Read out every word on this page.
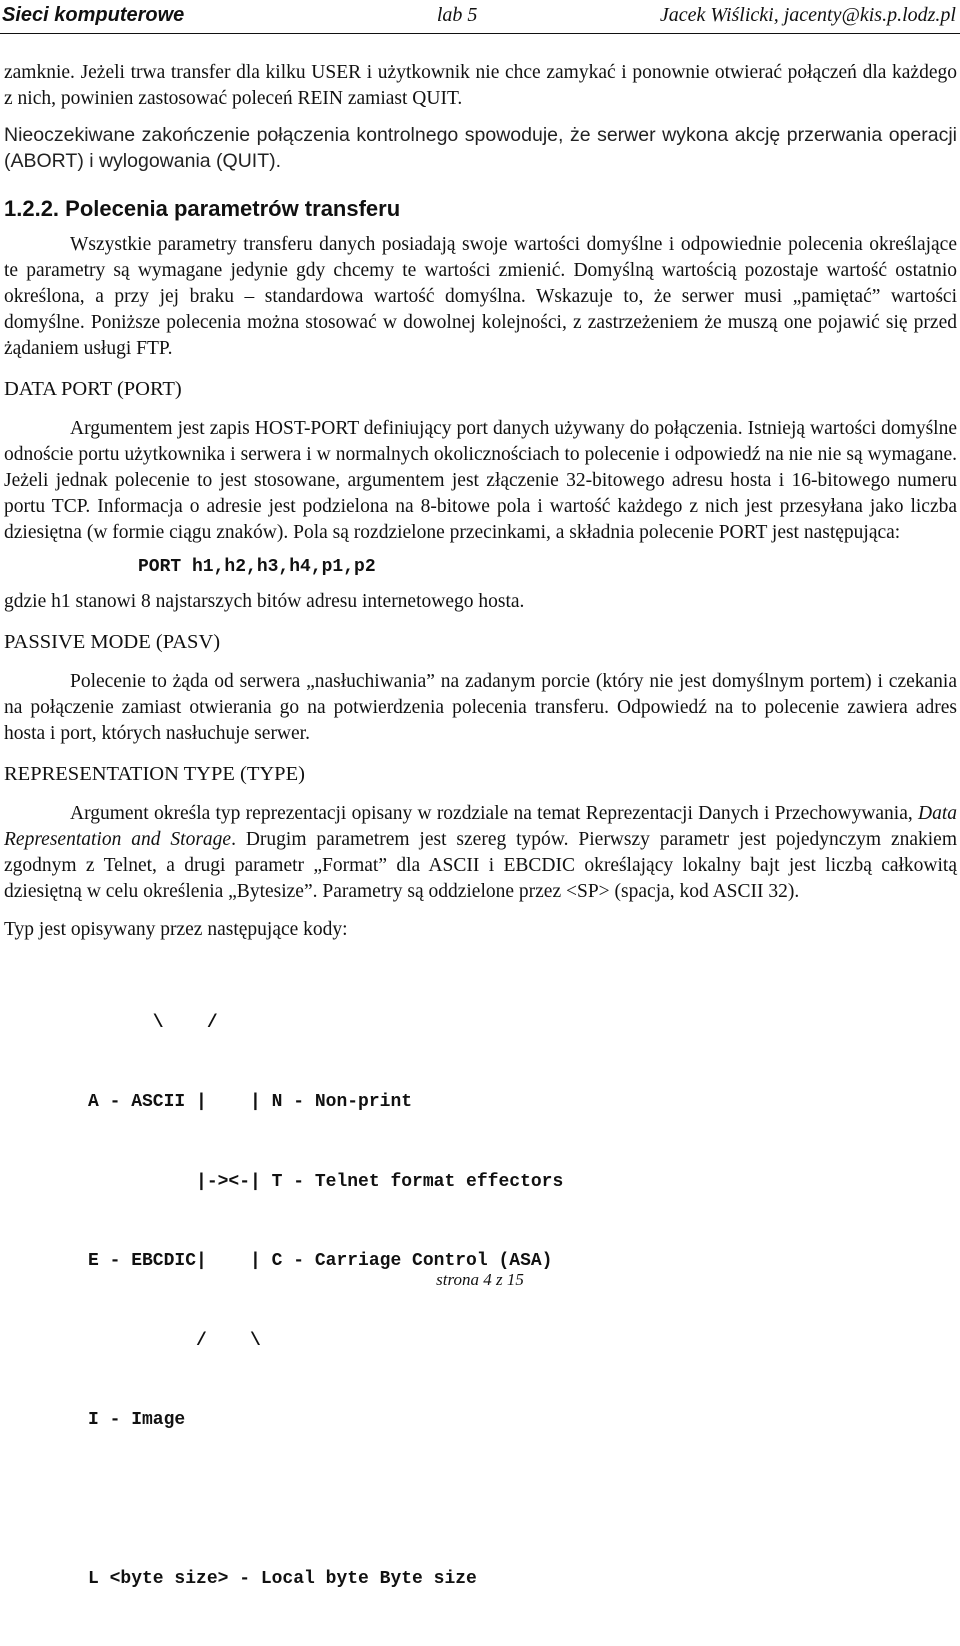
Sieci komputerowe	lab 5	Jacek Wiślicki, jacenty@kis.p.lodz.pl

zamknie. Jeżeli trwa transfer dla kilku USER i użytkownik nie chce zamykać i ponownie otwierać połączeń dla każdego z nich, powinien zastosować poleceń REIN zamiast QUIT.

Nieoczekiwane zakończenie połączenia kontrolnego spowoduje, że serwer wykona akcję przerwania operacji (ABORT) i wylogowania (QUIT).

1.2.2. Polecenia parametrów transferu

Wszystkie parametry transferu danych posiadają swoje wartości domyślne i odpowiednie polecenia określające te parametry są wymagane jedynie gdy chcemy te wartości zmienić. Domyślną wartością pozostaje wartość ostatnio określona, a przy jej braku – standardowa wartość domyślna. Wskazuje to, że serwer musi „pamiętać” wartości domyślne. Poniższe polecenia można stosować w dowolnej kolejności, z zastrzeżeniem że muszą one pojawić się przed żądaniem usługi FTP.

DATA PORT (PORT)

Argumentem jest zapis HOST-PORT definiujący port danych używany do połączenia. Istnieją wartości domyślne odnoście portu użytkownika i serwera i w normalnych okolicznościach to polecenie i odpowiedź na nie nie są wymagane. Jeżeli jednak polecenie to jest stosowane, argumentem jest złączenie 32-bitowego adresu hosta i 16-bitowego numeru portu TCP. Informacja o adresie jest podzielona na 8-bitowe pola i wartość każdego z nich jest przesyłana jako liczba dziesiętna (w formie ciągu znaków). Pola są rozdzielone przecinkami, a składnia polecenie PORT jest następująca:

PORT h1,h2,h3,h4,p1,p2

gdzie h1 stanowi 8 najstarszych bitów adresu internetowego hosta.

PASSIVE MODE (PASV)

Polecenie to żąda od serwera „nasłuchiwania” na zadanym porcie (który nie jest domyślnym portem) i czekania na połączenie zamiast otwierania go na potwierdzenia polecenia transferu. Odpowiedź na to polecenie zawiera adres hosta i port, których nasłuchuje serwer.

REPRESENTATION TYPE (TYPE)

Argument określa typ reprezentacji opisany w rozdziale na temat Reprezentacji Danych i Przechowywania, Data Representation and Storage. Drugim parametrem jest szereg typów. Pierwszy parametr jest pojedynczym znakiem zgodnym z Telnet, a drugi parametr „Format” dla ASCII i EBCDIC określający lokalny bajt jest liczbą całkowitą dziesiętną w celu określenia „Bytesize”. Parametry są oddzielone przez <SP> (spacja, kod ASCII 32).

Typ jest opisywany przez następujące kody:

\    /

A - ASCII |    | N - Non-print

|-><-| T - Telnet format effectors

E - EBCDIC|    | C - Carriage Control (ASA)

/    \

I - Image

L <byte size> - Local byte Byte size

strona 4 z 15
